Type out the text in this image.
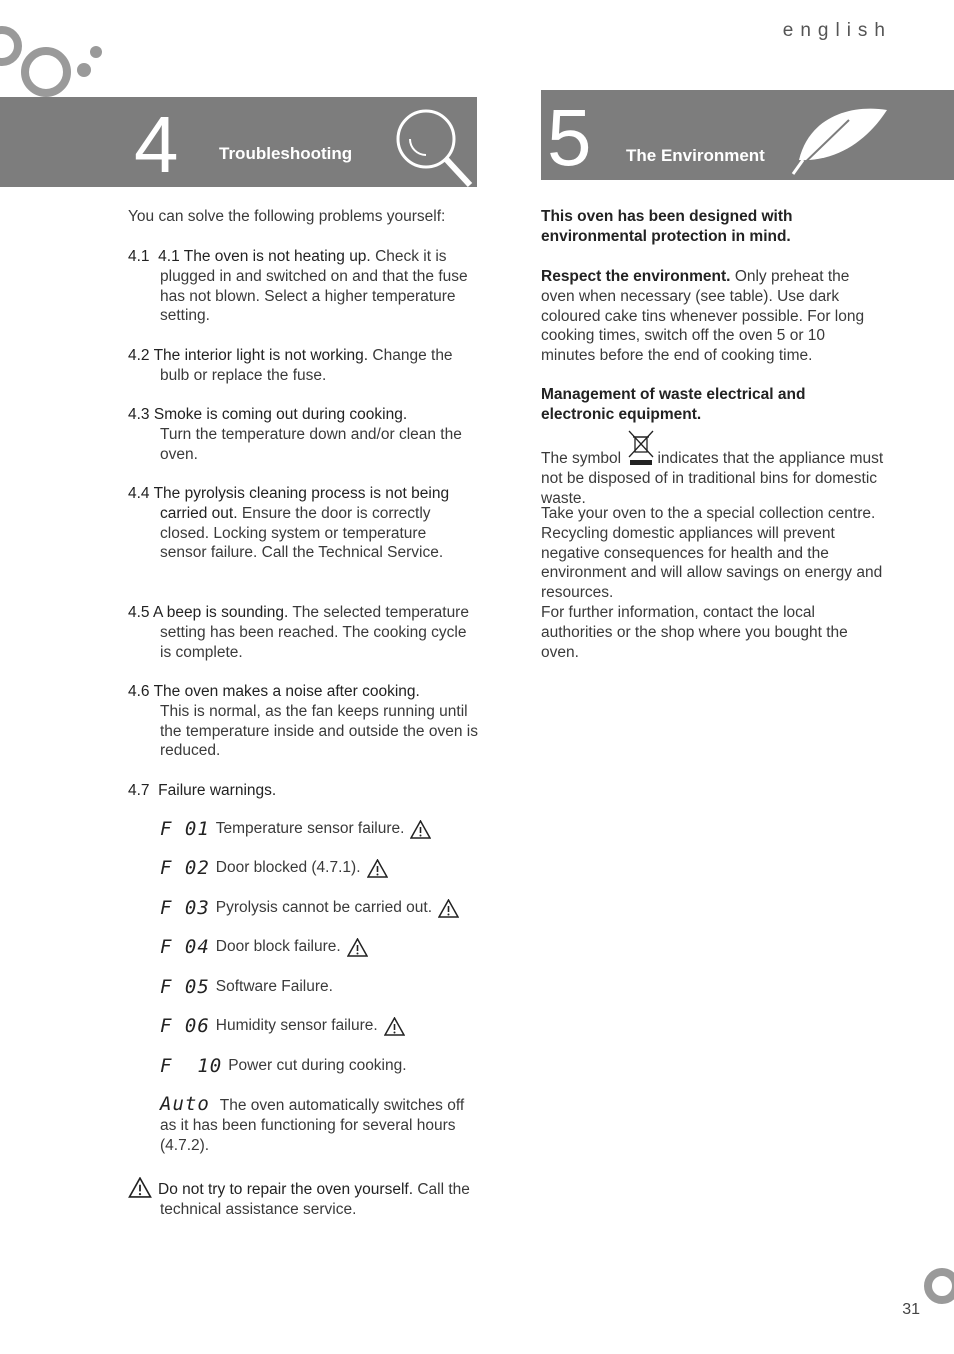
english
4 Troubleshooting 5 The Environment

You can solve the following problems yourself:

4.1  4.1 The oven is not heating up. Check it is plugged in and switched on and that the fuse has not blown. Select a higher temperature setting.

4.2 The interior light is not working. Change the bulb or replace the fuse.

4.3 Smoke is coming out during cooking.

Turn the temperature down and/or clean the oven.

4.4 The pyrolysis cleaning process is not being carried out. Ensure the door is correctly closed. Locking system or temperature sensor failure. Call the Technical Service.

4.5 A beep is sounding. The selected temperature setting has been reached. The cooking cycle is complete.

4.6 The oven makes a noise after cooking.

This is normal, as the fan keeps running until the temperature inside and outside the oven is reduced.

4.7  Failure warnings.

F 01 Temperature sensor failure.
F 02 Door blocked (4.7.1).
F 03 Pyrolysis cannot be carried out.
F 04 Door block failure.
F 05 Software Failure.
F 06 Humidity sensor failure.
F  10 Power cut during cooking.
Auto The oven automatically switches off as it has been functioning for several hours (4.7.2).

Do not try to repair the oven yourself. Call the technical assistance service.

This oven has been designed with environmental protection in mind.

Respect the environment. Only preheat the oven when necessary (see table). Use dark coloured cake tins whenever possible. For long cooking times, switch off the oven 5 or 10 minutes before the end of cooking time.

Management of waste electrical and electronic equipment.

The symbol indicates that the appliance must not be disposed of in traditional bins for domestic waste.

Take your oven to the a special collection centre. Recycling domestic appliances will prevent negative consequences for health and the environment and will allow savings on energy and resources.

For further information, contact the local authorities or the shop where you bought the oven.

31
